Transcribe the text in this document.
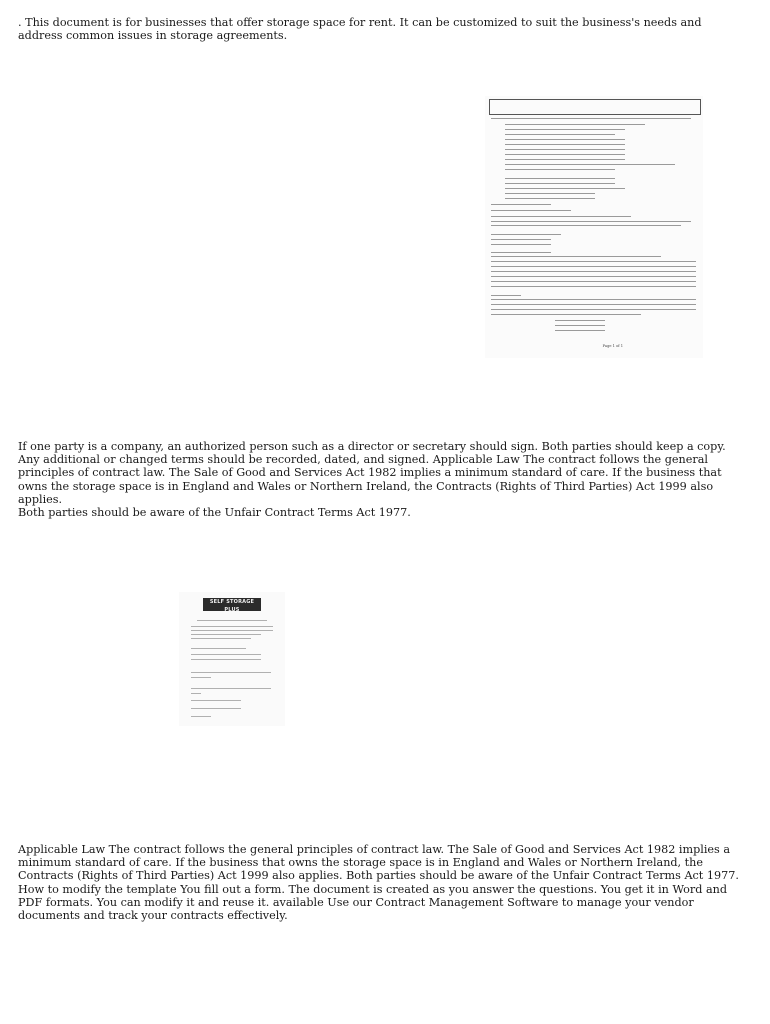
. This document is for businesses that offer storage space for rent. It can be customized to suit the business's needs and address common issues in storage agreements.

Page 1 of 1

If one party is a company, an authorized person such as a director or secretary should sign. Both parties should keep a copy. Any additional or changed terms should be recorded, dated, and signed. Applicable Law The contract follows the general principles of contract law. The Sale of Good and Services Act 1982 implies a minimum standard of care. If the business that owns the storage space is in England and Wales or Northern Ireland, the Contracts (Rights of Third Parties) Act 1999 also applies.
Both parties should be aware of the Unfair Contract Terms Act 1977.

SELF STORAGE PLUS

Applicable Law The contract follows the general principles of contract law. The Sale of Good and Services Act 1982 implies a minimum standard of care. If the business that owns the storage space is in England and Wales or Northern Ireland, the Contracts (Rights of Third Parties) Act 1999 also applies. Both parties should be aware of the Unfair Contract Terms Act 1977. How to modify the template You fill out a form. The document is created as you answer the questions. You get it in Word and PDF formats. You can modify it and reuse it. available Use our Contract Management Software to manage your vendor documents and track your contracts effectively.
